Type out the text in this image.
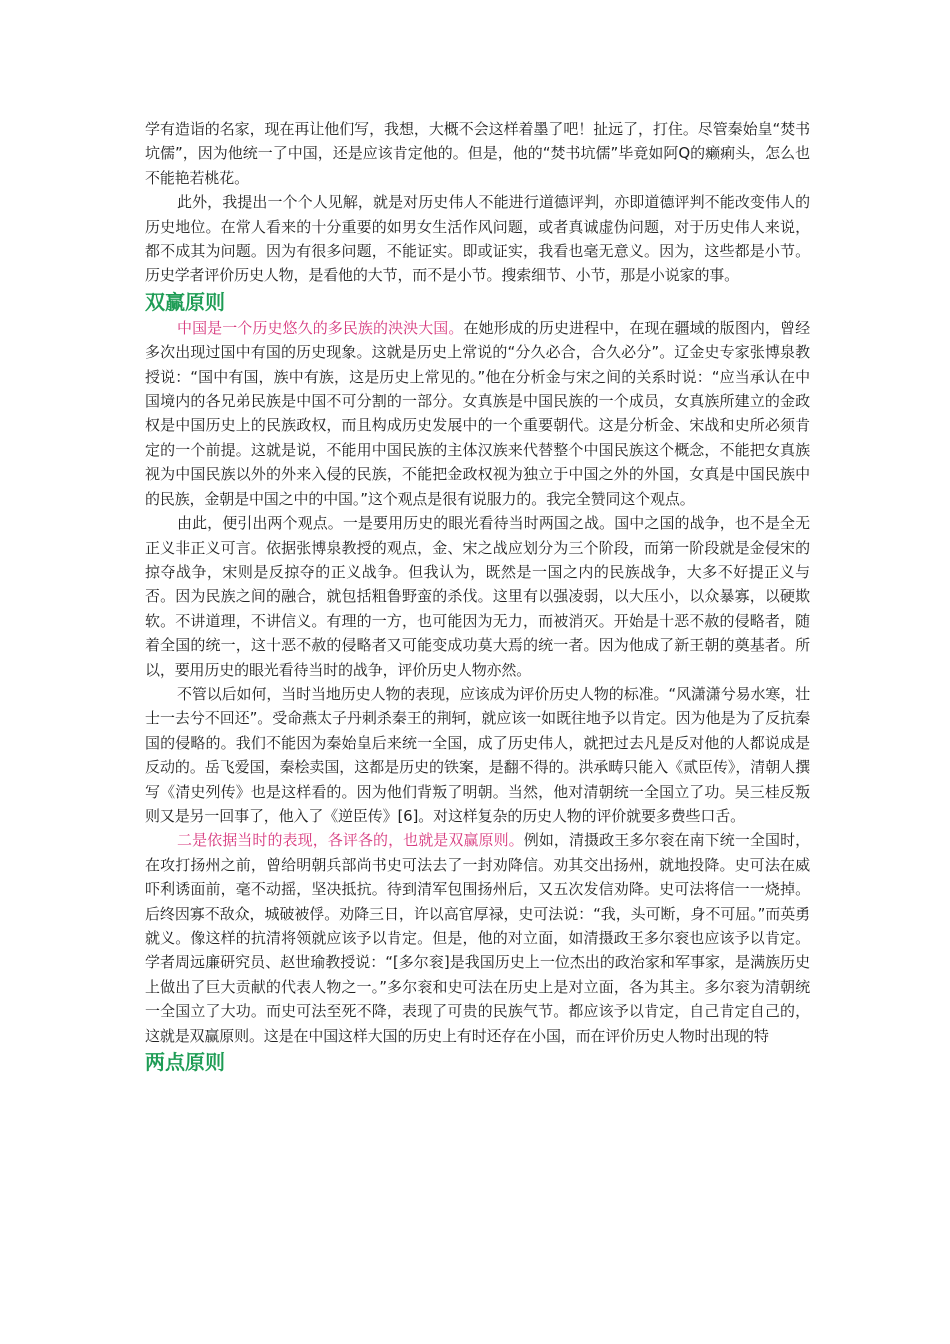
学有造诣的名家，现在再让他们写，我想，大概不会这样着墨了吧！扯远了，打住。尽管秦始皇“焚书坑儒”，因为他统一了中国，还是应该肯定他的。但是，他的“焚书坑儒”毕竟如阿Q的癞痢头，怎么也不能艳若桃花。

此外，我提出一个个人见解，就是对历史伟人不能进行道德评判，亦即道德评判不能改变伟人的历史地位。在常人看来的十分重要的如男女生活作风问题，或者真诚虚伪问题，对于历史伟人来说，都不成其为问题。因为有很多问题，不能证实。即或证实，我看也毫无意义。因为，这些都是小节。历史学者评价历史人物，是看他的大节，而不是小节。搜索细节、小节，那是小说家的事。

双赢原则

中国是一个历史悠久的多民族的泱泱大国。在她形成的历史进程中，在现在疆域的版图内，曾经多次出现过国中有国的历史现象。这就是历史上常说的“分久必合，合久必分”。辽金史专家张博泉教授说：“国中有国，族中有族，这是历史上常见的。”他在分析金与宋之间的关系时说：“应当承认在中国境内的各兄弟民族是中国不可分割的一部分。女真族是中国民族的一个成员，女真族所建立的金政权是中国历史上的民族政权，而且构成历史发展中的一个重要朝代。这是分析金、宋战和史所必须肯定的一个前提。这就是说，不能用中国民族的主体汉族来代替整个中国民族这个概念，不能把女真族视为中国民族以外的外来入侵的民族，不能把金政权视为独立于中国之外的外国，女真是中国民族中的民族，金朝是中国之中的中国。”这个观点是很有说服力的。我完全赞同这个观点。

由此，便引出两个观点。一是要用历史的眼光看待当时两国之战。国中之国的战争，也不是全无正义非正义可言。依据张博泉教授的观点，金、宋之战应划分为三个阶段，而第一阶段就是金侵宋的掠夺战争，宋则是反掠夺的正义战争。但我认为，既然是一国之内的民族战争，大多不好提正义与否。因为民族之间的融合，就包括粗鲁野蛮的杀伐。这里有以强凌弱，以大压小，以众暴寡，以硬欺软。不讲道理，不讲信义。有理的一方，也可能因为无力，而被消灭。开始是十恶不赦的侵略者，随着全国的统一，这十恶不赦的侵略者又可能变成功莫大焉的统一者。因为他成了新王朝的奠基者。所以，要用历史的眼光看待当时的战争，评价历史人物亦然。

不管以后如何，当时当地历史人物的表现，应该成为评价历史人物的标准。“风潇潇兮易水寒，壮士一去兮不回还”。受命燕太子丹刺杀秦王的荆轲，就应该一如既往地予以肯定。因为他是为了反抗秦国的侵略的。我们不能因为秦始皇后来统一全国，成了历史伟人，就把过去凡是反对他的人都说成是反动的。岳飞爱国，秦桧卖国，这都是历史的铁案，是翻不得的。洪承畴只能入《贰臣传》，清朝人撰写《清史列传》也是这样看的。因为他们背叛了明朝。当然，他对清朝统一全国立了功。吴三桂反叛则又是另一回事了，他入了《逆臣传》[6]。对这样复杂的历史人物的评价就要多费些口舌。

二是依据当时的表现，各评各的，也就是双赢原则。例如，清摄政王多尔衮在南下统一全国时，在攻打扬州之前，曾给明朝兵部尚书史可法去了一封劝降信。劝其交出扬州，就地投降。史可法在威吓利诱面前，毫不动摇，坚决抵抗。待到清军包围扬州后，又五次发信劝降。史可法将信一一烧掉。后终因寡不敌众，城破被俘。劝降三日，许以高官厚禄，史可法说：“我，头可断，身不可屈。”而英勇就义。像这样的抗清将领就应该予以肯定。但是，他的对立面，如清摄政王多尔衮也应该予以肯定。学者周远廉研究员、赵世瑜教授说：“[多尔衮]是我国历史上一位杰出的政治家和军事家，是满族历史上做出了巨大贡献的代表人物之一。”多尔衮和史可法在历史上是对立面，各为其主。多尔衮为清朝统一全国立了大功。而史可法至死不降，表现了可贵的民族气节。都应该予以肯定，自己肯定自己的，这就是双赢原则。这是在中国这样大国的历史上有时还存在小国，而在评价历史人物时出现的特

两点原则
